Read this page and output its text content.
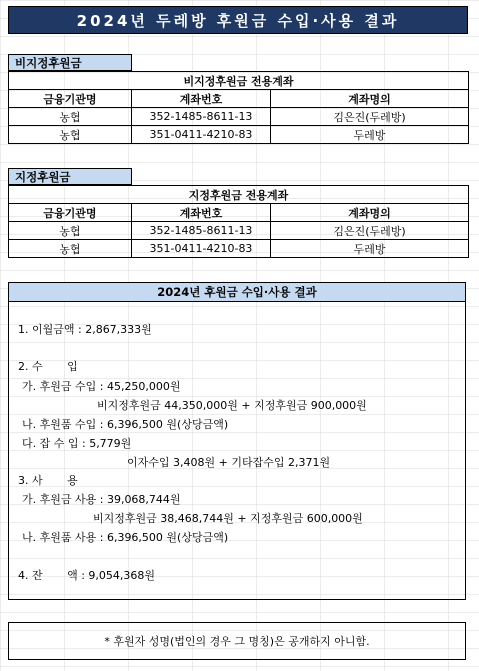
2024년 두레방 후원금 수입·사용 결과
비지정후원금
비지정후원금 전용계좌		
금융기관명	계좌번호	계좌명의
농협	352-1485-8611-13	김은진(두레방)
농협	351-0411-4210-83	두레방
지정후원금
지정후원금 전용계좌		
금융기관명	계좌번호	계좌명의
농협	352-1485-8611-13	김은진(두레방)
농협	351-0411-4210-83	두레방
2024년 후원금 수입·사용 결과
1. 이월금액 : 2,867,333원
2. 수       입
가. 후원금 수입 : 45,250,000원
비지정후원금 44,350,000원 + 지정후원금 900,000원
나. 후원품 수입 : 6,396,500 원(상당금액)
다. 잡 수 입 : 5,779원
이자수입 3,408원 + 기타잡수입 2,371원
3. 사       용
가. 후원금 사용 : 39,068,744원
비지정후원금 38,468,744원 + 지정후원금 600,000원
나. 후원품 사용 : 6,396,500 원(상당금액)
4. 잔       액 : 9,054,368원
* 후원자 성명(법인의 경우 그 명칭)은 공개하지 아니함.
